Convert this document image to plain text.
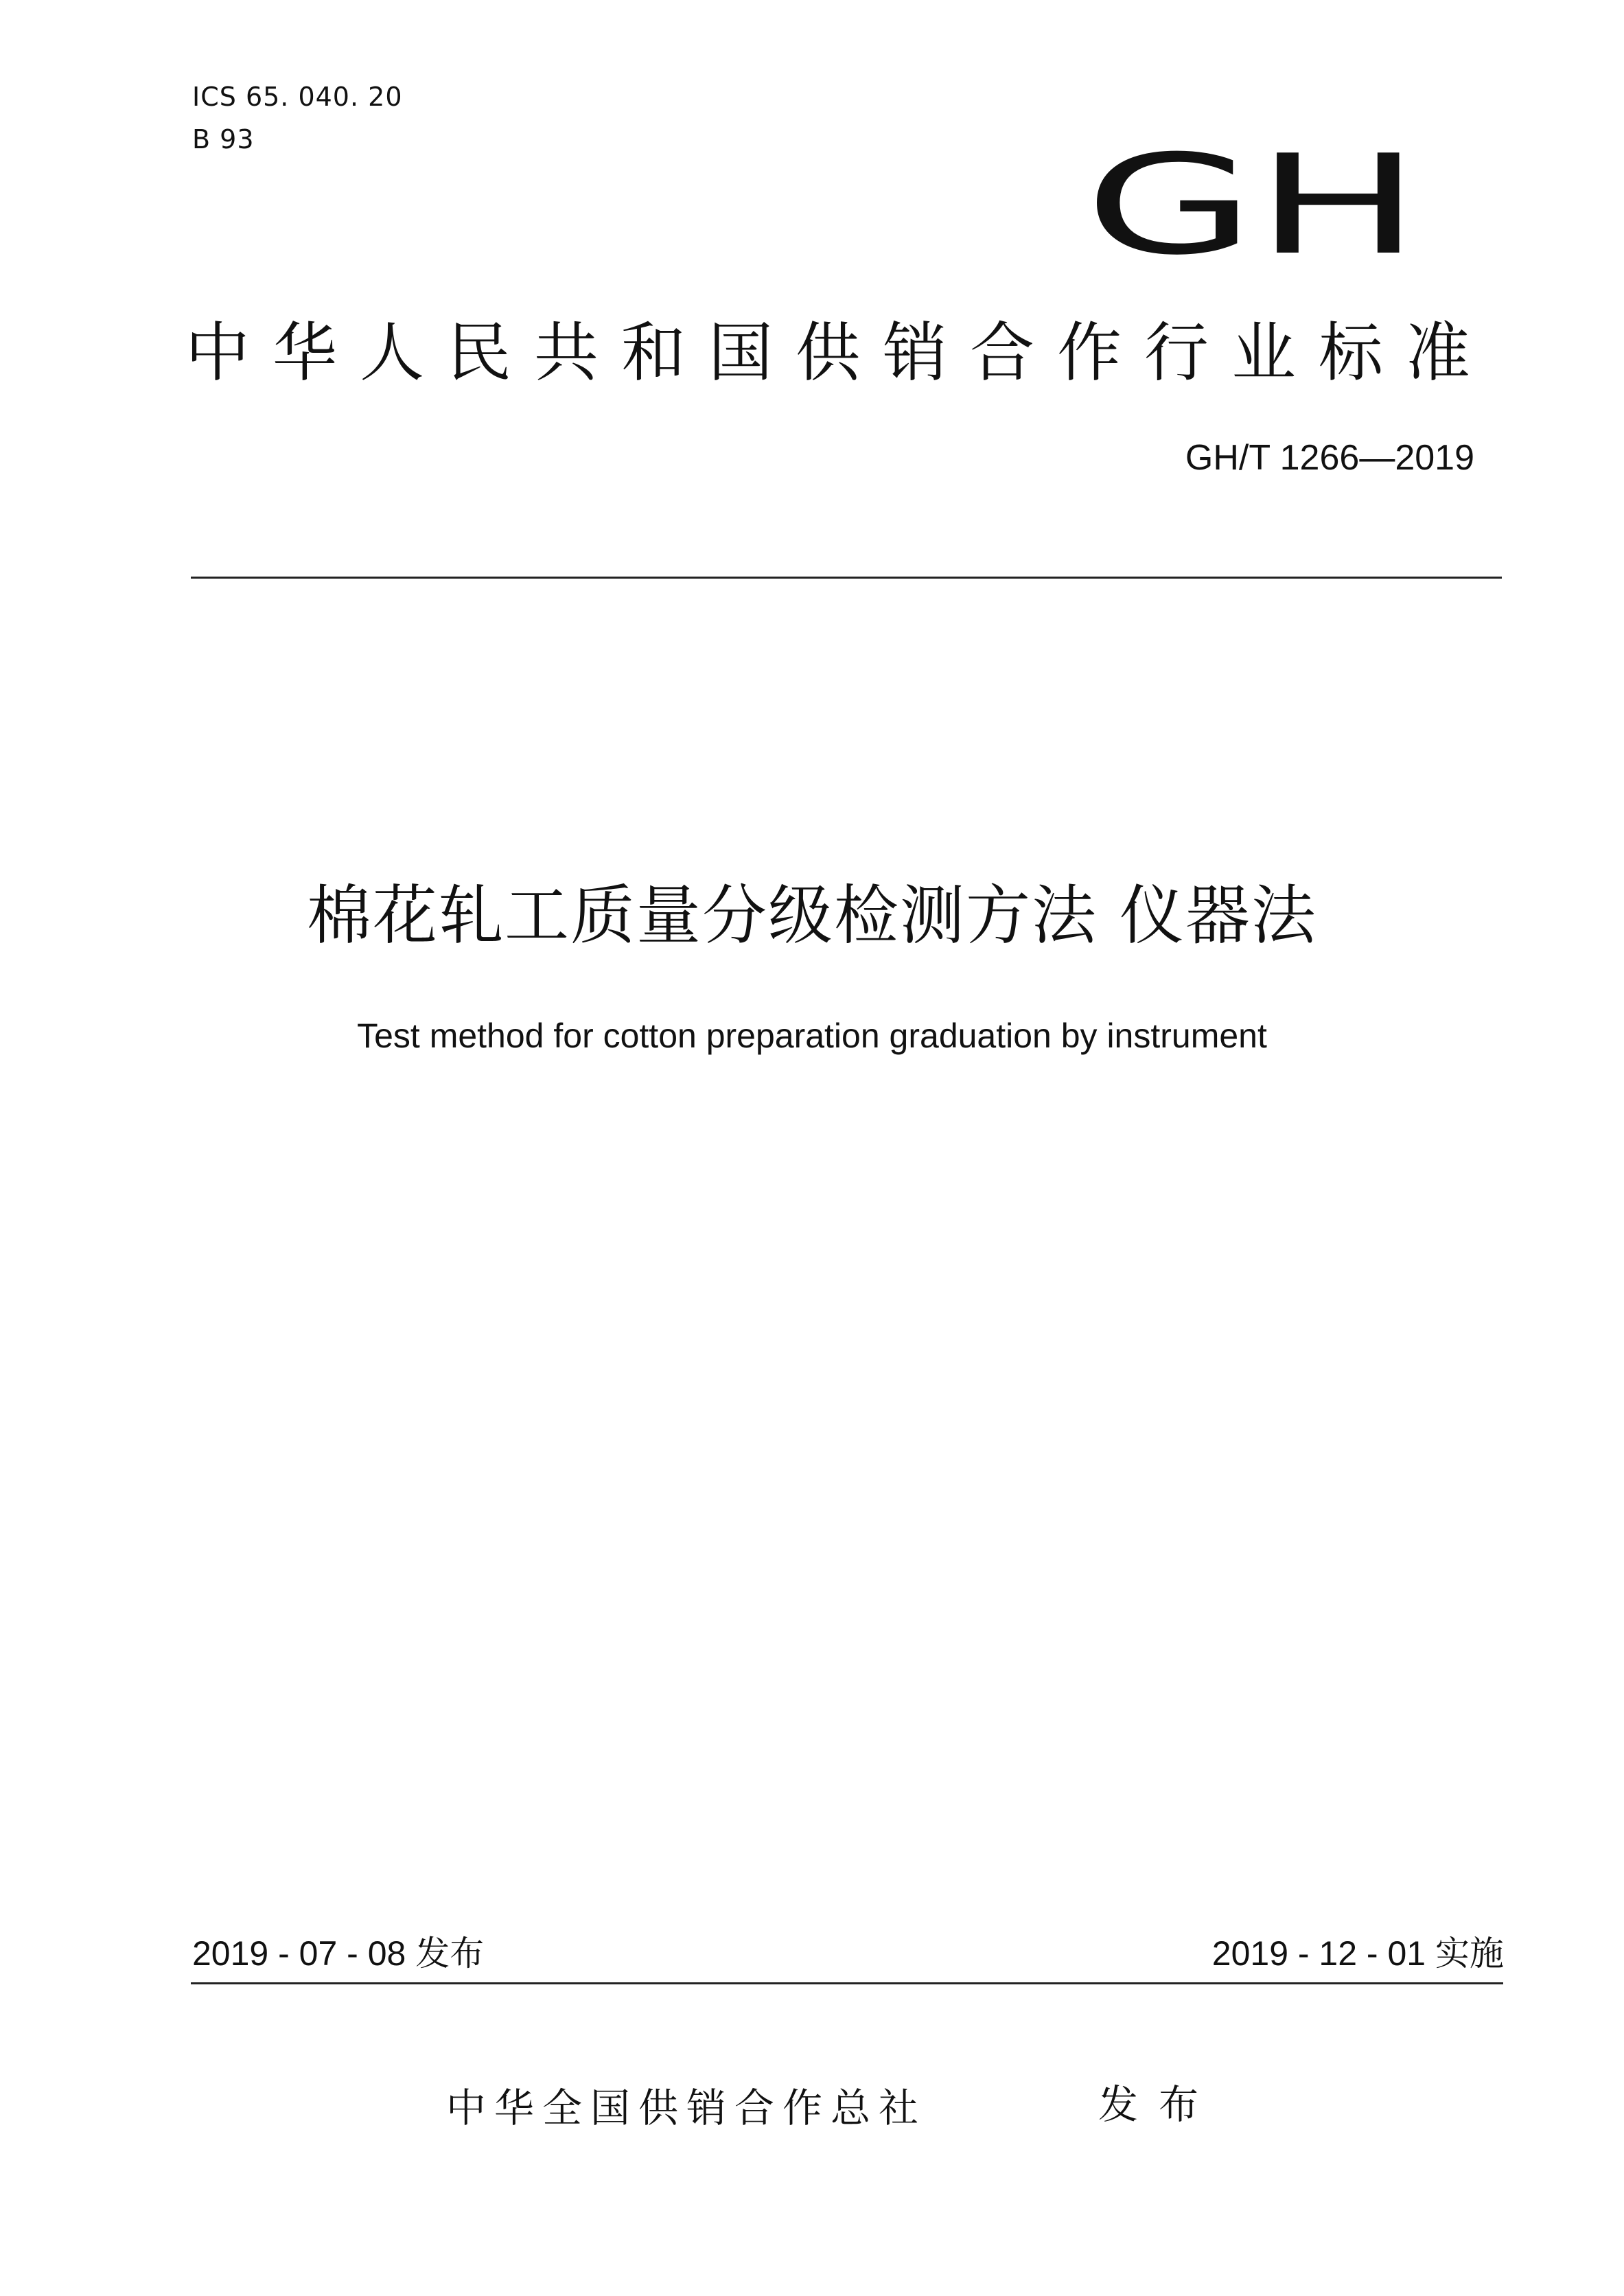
ICS 65. 040. 20
B 93	GH
中华人民共和国供销合作行业标准
GH/T 1266—2019
棉花轧工质量分级检测方法 仪器法
Test method for cotton preparation graduation by instrument
2019 - 07 - 08 发布	2019 - 12 - 01 实施
中华全国供销合作总社	发布
